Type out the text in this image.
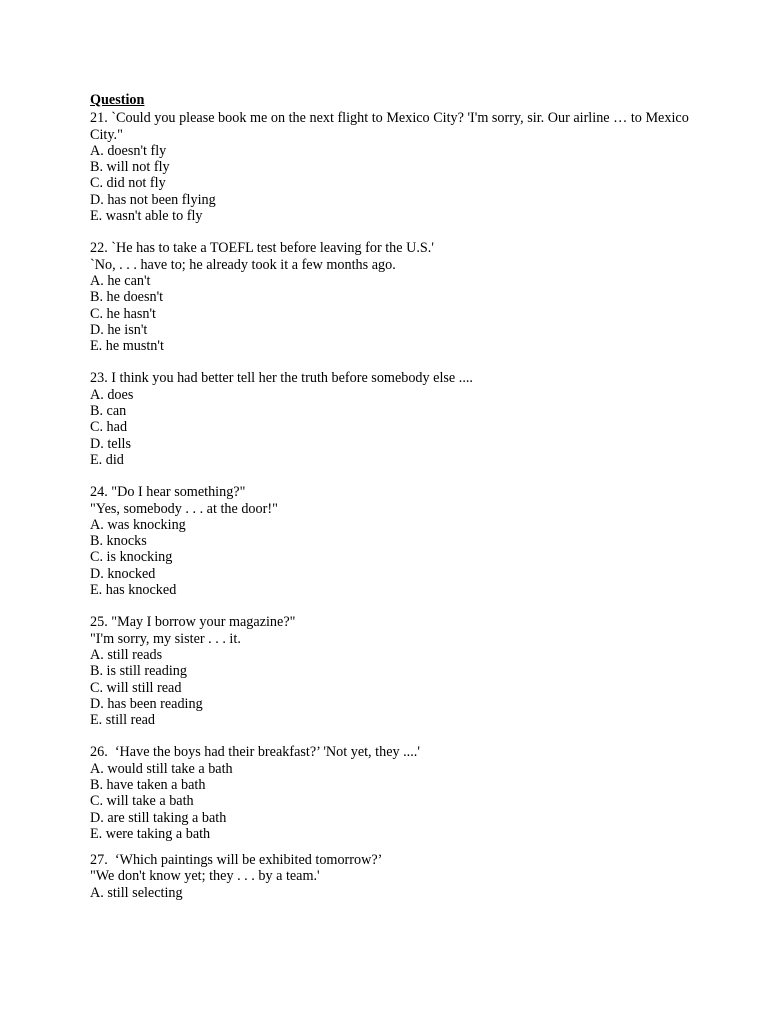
Question

21. `Could you please book me on the next flight to Mexico City? 'I'm sorry, sir. Our airline … to Mexico
City."
A. doesn't fly
B. will not fly
C. did not fly
D. has not been flying
E. wasn't able to fly
22. `He has to take a TOEFL test before leaving for the U.S.'
`No, . . . have to; he already took it a few months ago.
A. he can't
B. he doesn't
C. he hasn't
D. he isn't
E. he mustn't
23. I think you had better tell her the truth before somebody else ....
A. does
B. can
C. had
D. tells
E. did
24. "Do I hear something?"
"Yes, somebody . . . at the door!"
A. was knocking
B. knocks
C. is knocking
D. knocked
E. has knocked
25. "May I borrow your magazine?"
"I'm sorry, my sister . . . it.
A. still reads
B. is still reading
C. will still read
D. has been reading
E. still read
26.  ‘Have the boys had their breakfast?’ 'Not yet, they ....'
A. would still take a bath
B. have taken a bath
C. will take a bath
D. are still taking a bath
E. were taking a bath
27.  ‘Which paintings will be exhibited tomorrow?’
"We don't know yet; they . . . by a team.'
A. still selecting
